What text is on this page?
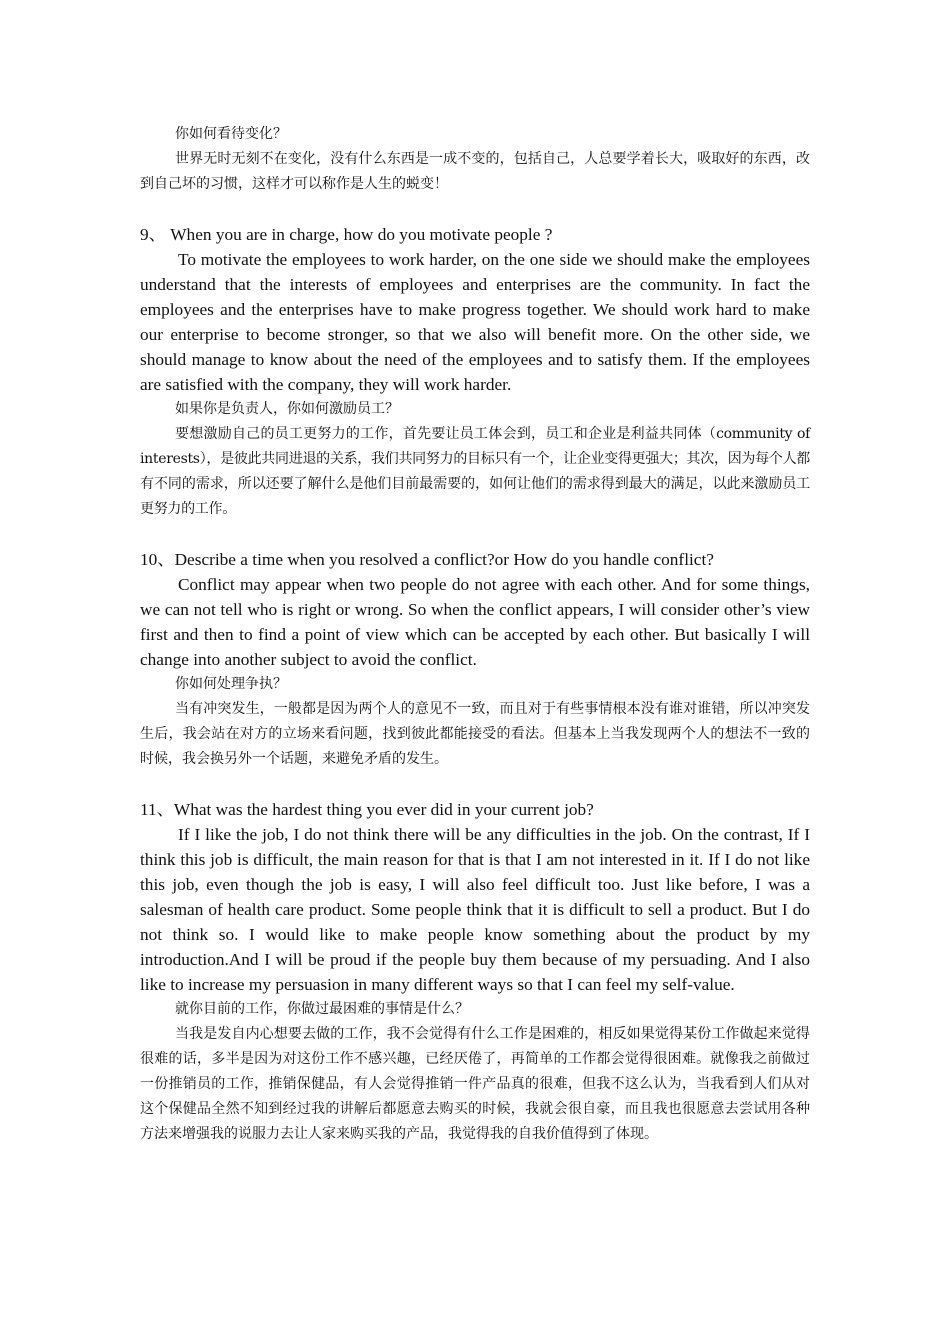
你如何看待变化？

世界无时无刻不在变化，没有什么东西是一成不变的，包括自己，人总要学着长大，吸取好的东西，改到自己坏的习惯，这样才可以称作是人生的蜕变！

9、 When you are in charge, how do you motivate people ?

To motivate the employees to work harder, on the one side we should make the employees understand that the interests of employees and enterprises are the community. In fact the employees and the enterprises have to make progress together. We should work hard to make our enterprise to become stronger, so that we also will benefit more. On the other side, we should manage to know about the need of the employees and to satisfy them. If the employees are satisfied with the company, they will work harder.

如果你是负责人，你如何激励员工？

要想激励自己的员工更努力的工作，首先要让员工体会到，员工和企业是利益共同体（community of interests），是彼此共同进退的关系，我们共同努力的目标只有一个，让企业变得更强大；其次，因为每个人都有不同的需求，所以还要了解什么是他们目前最需要的，如何让他们的需求得到最大的满足，以此来激励员工更努力的工作。

10、Describe a time when you resolved a conflict?or How do you handle conflict?

Conflict may appear when two people do not agree with each other. And for some things, we can not tell who is right or wrong. So when the conflict appears, I will consider other’s view first and then to find a point of view which can be accepted by each other. But basically I will change into another subject to avoid the conflict.

你如何处理争执？

当有冲突发生，一般都是因为两个人的意见不一致，而且对于有些事情根本没有谁对谁错，所以冲突发生后，我会站在对方的立场来看问题，找到彼此都能接受的看法。但基本上当我发现两个人的想法不一致的时候，我会换另外一个话题，来避免矛盾的发生。

11、What was the hardest thing you ever did in your current job?

If I like the job, I do not think there will be any difficulties in the job. On the contrast, If I think this job is difficult, the main reason for that is that I am not interested in it. If I do not like this job, even though the job is easy, I will also feel difficult too. Just like before, I was a salesman of health care product. Some people think that it is difficult to sell a product. But I do not think so. I would like to make people know something about the product by my introduction.And I will be proud if the people buy them because of my persuading. And I also like to increase my persuasion in many different ways so that I can feel my self-value.

就你目前的工作，你做过最困难的事情是什么？

当我是发自内心想要去做的工作，我不会觉得有什么工作是困难的，相反如果觉得某份工作做起来觉得很难的话，多半是因为对这份工作不感兴趣，已经厌倦了，再简单的工作都会觉得很困难。就像我之前做过一份推销员的工作，推销保健品，有人会觉得推销一件产品真的很难，但我不这么认为，当我看到人们从对这个保健品全然不知到经过我的讲解后都愿意去购买的时候，我就会很自豪，而且我也很愿意去尝试用各种方法来增强我的说服力去让人家来购买我的产品，我觉得我的自我价值得到了体现。
